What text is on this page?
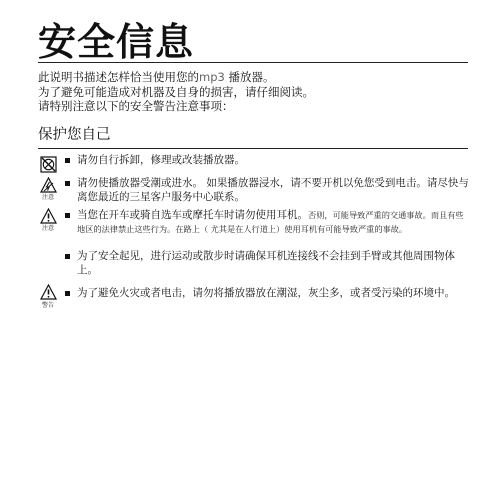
安全信息
此说明书描述怎样恰当使用您的mp3 播放器。
为了避免可能造成对机器及自身的损害，请仔细阅读。
请特别注意以下的安全警告注意事项：
保护您自己
注意
注意
警告
请勿自行拆卸，修理或改装播放器。
请勿使播放器受潮或进水。 如果播放器浸水，请不要开机以免您受到电击。请尽快与离您最近的三星客户服务中心联系。
当您在开车或骑自选车或摩托车时请勿使用耳机。否则，可能导致严重的交通事故。而且有些地区的法律禁止这些行为。在路上（ 尤其是在人行道上）使用耳机有可能导致严重的事故。
为了安全起见，进行运动或散步时请确保耳机连接线不会挂到手臂或其他周围物体上。
为了避免火灾或者电击，请勿将播放器放在潮湿，灰尘多，或者受污染的环境中。
